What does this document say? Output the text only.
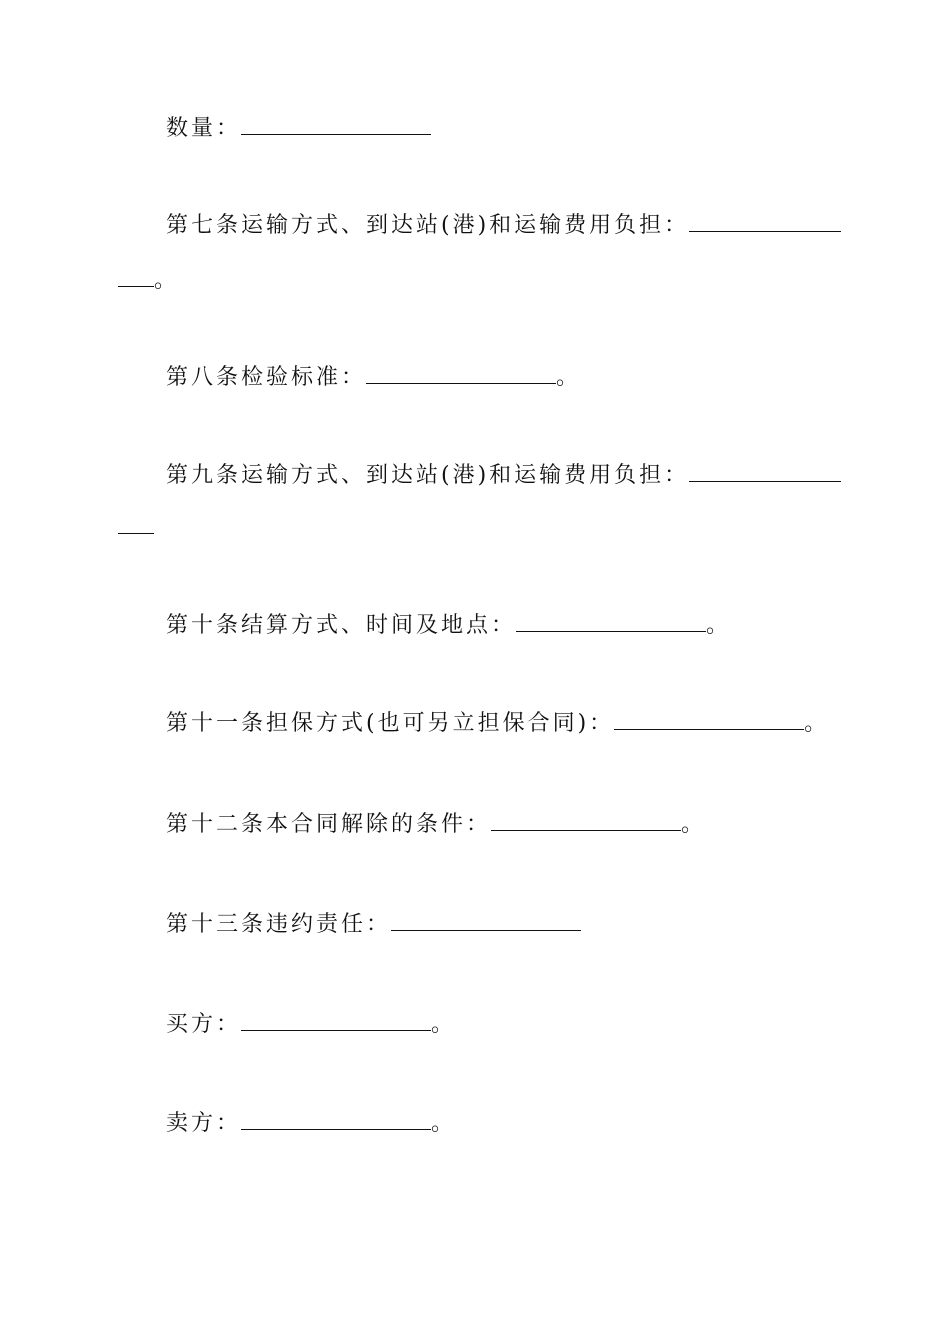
数量：
第七条运输方式、到达站(港)和运输费用负担：
。
第八条检验标准：	。
第九条运输方式、到达站(港)和运输费用负担：
第十条结算方式、时间及地点：	。
第十一条担保方式(也可另立担保合同)：	。
第十二条本合同解除的条件：	。
第十三条违约责任：
买方：	。
卖方：	。
